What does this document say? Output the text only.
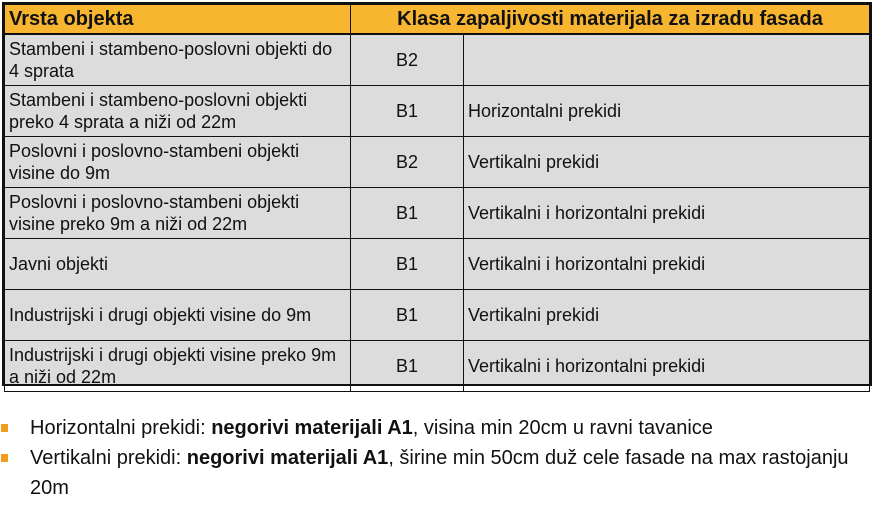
Vrsta objekta	Klasa zapaljivosti materijala za izradu fasada	
Stambeni i stambeno-poslovni objekti do 4 sprata	B2	
Stambeni i stambeno-poslovni objekti preko 4 sprata a niži od 22m	B1	Horizontalni prekidi
Poslovni i poslovno-stambeni objekti visine do 9m	B2	Vertikalni prekidi
Poslovni i poslovno-stambeni objekti visine preko 9m a niži od 22m	B1	Vertikalni i horizontalni prekidi
Javni objekti	B1	Vertikalni i horizontalni prekidi
Industrijski i drugi objekti visine do 9m	B1	Vertikalni prekidi
Industrijski i drugi objekti visine preko 9m a niži od 22m	B1	Vertikalni i horizontalni prekidi
Horizontalni prekidi: negorivi materijali A1, visina min 20cm u ravni tavanice
Vertikalni prekidi: negorivi materijali A1, širine min 50cm duž cele fasade na max rastojanju 20m
